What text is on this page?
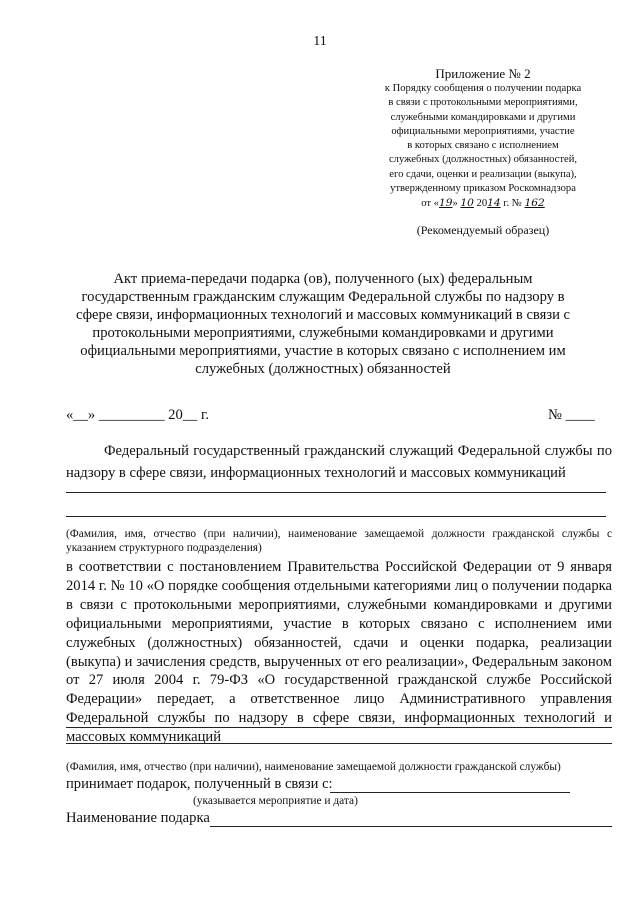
11
Приложение № 2
к Порядку сообщения о получении подарка
в связи с протокольными мероприятиями,
служебными командировками и другими
официальными мероприятиями, участие
в которых связано с исполнением
служебных (должностных) обязанностей,
его сдачи, оценки и реализации (выкупа),
утвержденному приказом Роскомнадзора
от «19» 10 2014 г. № 162
(Рекомендуемый образец)
Акт приема-передачи подарка (ов), полученного (ых) федеральным государственным гражданским служащим Федеральной службы по надзору в сфере связи, информационных технологий и массовых коммуникаций в связи с протокольными мероприятиями, служебными командировками и другими официальными мероприятиями, участие в которых связано с исполнением им служебных (должностных) обязанностей
«__» _________ 20__ г.	№ ____
Федеральный государственный гражданский служащий Федеральной службы по надзору в сфере связи, информационных технологий и массовых коммуникаций
(Фамилия, имя, отчество (при наличии), наименование замещаемой должности гражданской службы с указанием структурного подразделения)
в соответствии с постановлением Правительства Российской Федерации от 9 января 2014 г. № 10 «О порядке сообщения отдельными категориями лиц о получении подарка в связи с протокольными мероприятиями, служебными командировками и другими официальными мероприятиями, участие в которых связано с исполнением ими служебных (должностных) обязанностей, сдачи и оценки подарка, реализации (выкупа) и зачисления средств, вырученных от его реализации», Федеральным законом от 27 июля 2004 г. 79-ФЗ «О государственной гражданской службе Российской Федерации» передает, а ответственное лицо Административного управления Федеральной службы по надзору в сфере связи, информационных технологий и массовых коммуникаций
(Фамилия, имя, отчество (при наличии), наименование замещаемой должности гражданской службы)
принимает подарок, полученный в связи с:
(указывается мероприятие и дата)
Наименование подарка
